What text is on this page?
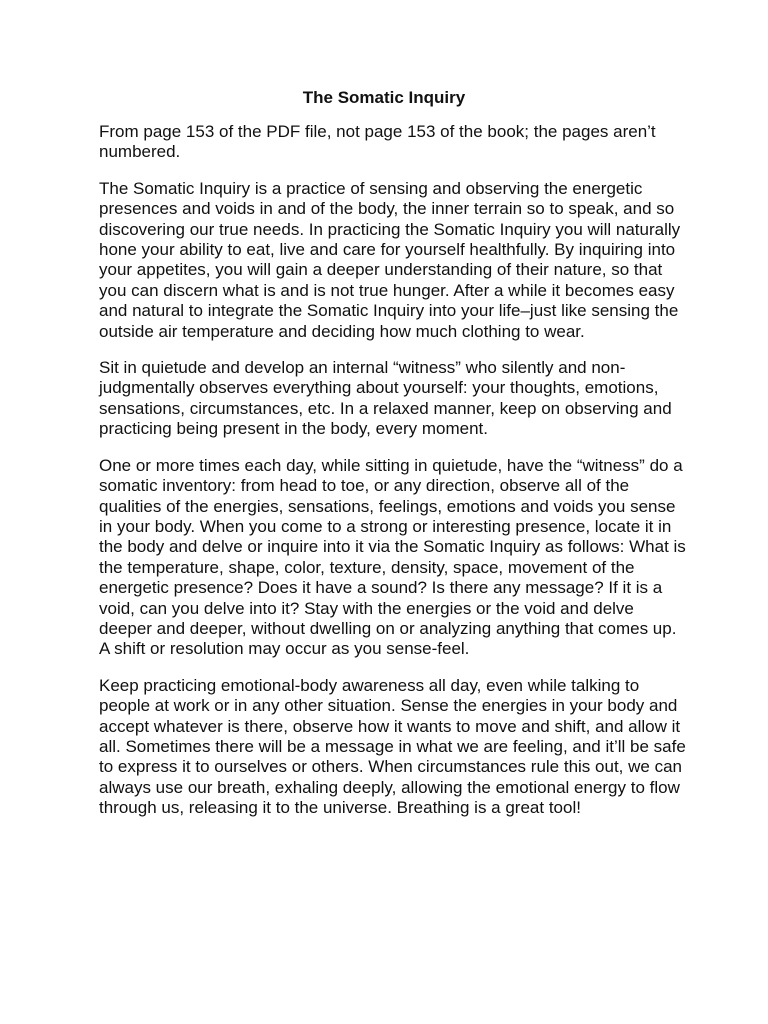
The Somatic Inquiry

From page 153 of the PDF file, not page 153 of the book; the pages aren’t numbered.

The Somatic Inquiry is a practice of sensing and observing the energetic presences and voids in and of the body, the inner terrain so to speak, and so discovering our true needs. In practicing the Somatic Inquiry you will naturally hone your ability to eat, live and care for yourself healthfully. By inquiring into your appetites, you will gain a deeper understanding of their nature, so that you can discern what is and is not true hunger. After a while it becomes easy and natural to integrate the Somatic Inquiry into your life–just like sensing the outside air temperature and deciding how much clothing to wear.

Sit in quietude and develop an internal “witness” who silently and non-judgmentally observes everything about yourself: your thoughts, emotions, sensations, circumstances, etc. In a relaxed manner, keep on observing and practicing being present in the body, every moment.

One or more times each day, while sitting in quietude, have the “witness” do a somatic inventory: from head to toe, or any direction, observe all of the qualities of the energies, sensations, feelings, emotions and voids you sense in your body. When you come to a strong or interesting presence, locate it in the body and delve or inquire into it via the Somatic Inquiry as follows: What is the temperature, shape, color, texture, density, space, movement of the energetic presence? Does it have a sound? Is there any message? If it is a void, can you delve into it? Stay with the energies or the void and delve deeper and deeper, without dwelling on or analyzing anything that comes up. A shift or resolution may occur as you sense-feel.

Keep practicing emotional-body awareness all day, even while talking to people at work or in any other situation. Sense the energies in your body and accept whatever is there, observe how it wants to move and shift, and allow it all. Sometimes there will be a message in what we are feeling, and it’ll be safe to express it to ourselves or others. When circumstances rule this out, we can always use our breath, exhaling deeply, allowing the emotional energy to flow through us, releasing it to the universe. Breathing is a great tool!
